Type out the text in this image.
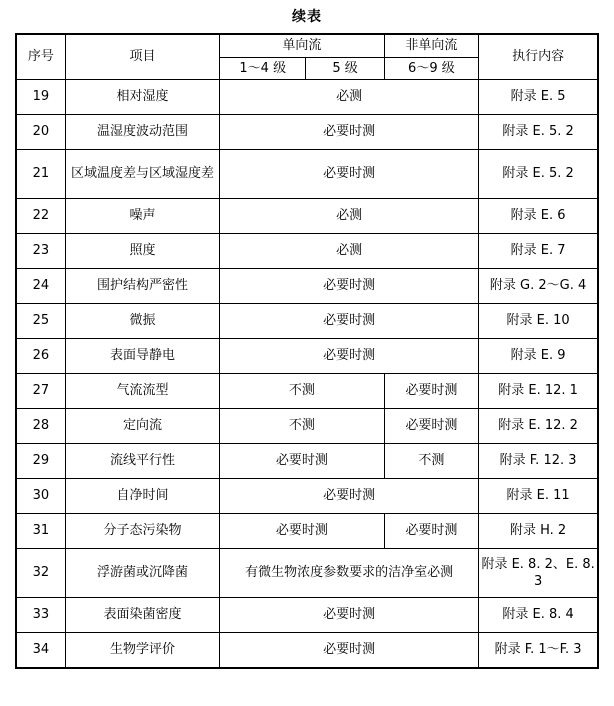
续表
序号	项目	单向流		非单向流	执行内容
		1～4 级	5 级	6～9 级	
19	相对湿度	必测			附录 E. 5
20	温湿度波动范围	必要时测			附录 E. 5. 2
21	区域温度差与区域湿度差	必要时测			附录 E. 5. 2
22	噪声	必测			附录 E. 6
23	照度	必测			附录 E. 7
24	围护结构严密性	必要时测			附录 G. 2～G. 4
25	微振	必要时测			附录 E. 10
26	表面导静电	必要时测			附录 E. 9
27	气流流型	不测		必要时测	附录 E. 12. 1
28	定向流	不测		必要时测	附录 E. 12. 2
29	流线平行性	必要时测		不测	附录 F. 12. 3
30	自净时间	必要时测			附录 E. 11
31	分子态污染物	必要时测		必要时测	附录 H. 2
32	浮游菌或沉降菌	有微生物浓度参数要求的洁净室必测			附录 E. 8. 2、E. 8. 3
33	表面染菌密度	必要时测			附录 E. 8. 4
34	生物学评价	必要时测			附录 F. 1～F. 3
